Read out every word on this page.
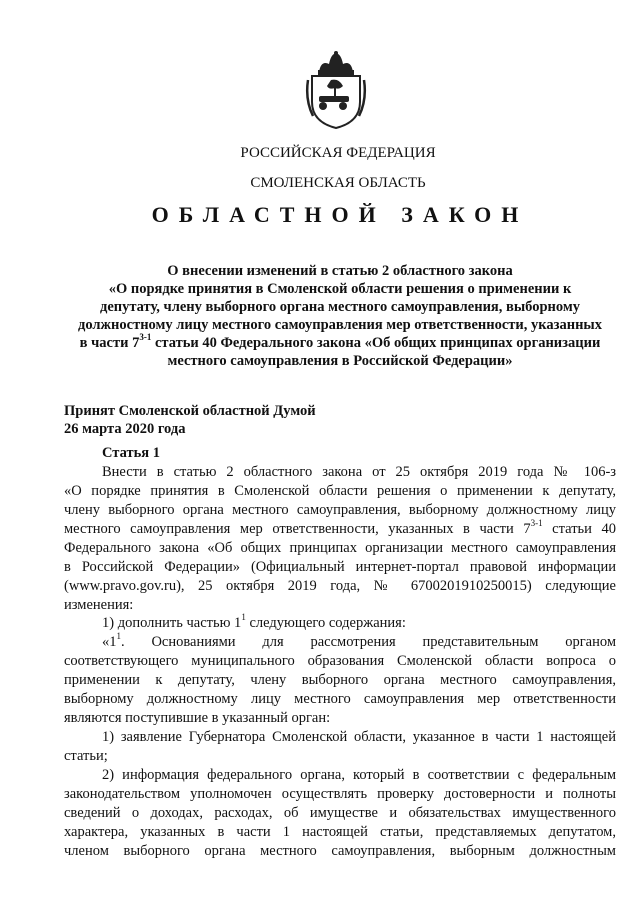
РОССИЙСКАЯ ФЕДЕРАЦИЯ
СМОЛЕНСКАЯ ОБЛАСТЬ
ОБЛАСТНОЙ ЗАКОН
О внесении изменений в статью 2 областного закона
«О порядке принятия в Смоленской области решения о применении к
депутату, члену выборного органа местного самоуправления, выборному
должностному лицу местного самоуправления мер ответственности, указанных
в части 7$^{3-1}$ статьи 40 Федерального закона «Об общих принципах организации
местного самоуправления в Российской Федерации»
Принят Смоленской областной Думой
26 марта 2020 года
Статья 1
Внести в статью 2 областного закона от 25 октября 2019 года № 106-з
«О порядке принятия в Смоленской области решения о применении к депутату,
члену выборного органа местного самоуправления, выборному должностному лицу
местного самоуправления мер ответственности, указанных в части 7$^{3-1}$ статьи 40
Федерального закона «Об общих принципах организации местного самоуправления
в Российской Федерации» (Официальный интернет-портал правовой информации
(www.pravo.gov.ru), 25 октября 2019 года, № 6700201910250015) следующие
изменения:
1) дополнить частью $1^1$ следующего содержания:
«$1^1$. Основаниями для рассмотрения представительным органом
соответствующего муниципального образования Смоленской области вопроса о
применении к депутату, члену выборного органа местного самоуправления,
выборному должностному лицу местного самоуправления мер ответственности
являются поступившие в указанный орган:
1) заявление Губернатора Смоленской области, указанное в части 1 настоящей
статьи;
2) информация федерального органа, который в соответствии с федеральным
законодательством уполномочен осуществлять проверку достоверности и полноты
сведений о доходах, расходах, об имуществе и обязательствах имущественного
характера, указанных в части 1 настоящей статьи, представляемых депутатом,
членом выборного органа местного самоуправления, выборным должностным
